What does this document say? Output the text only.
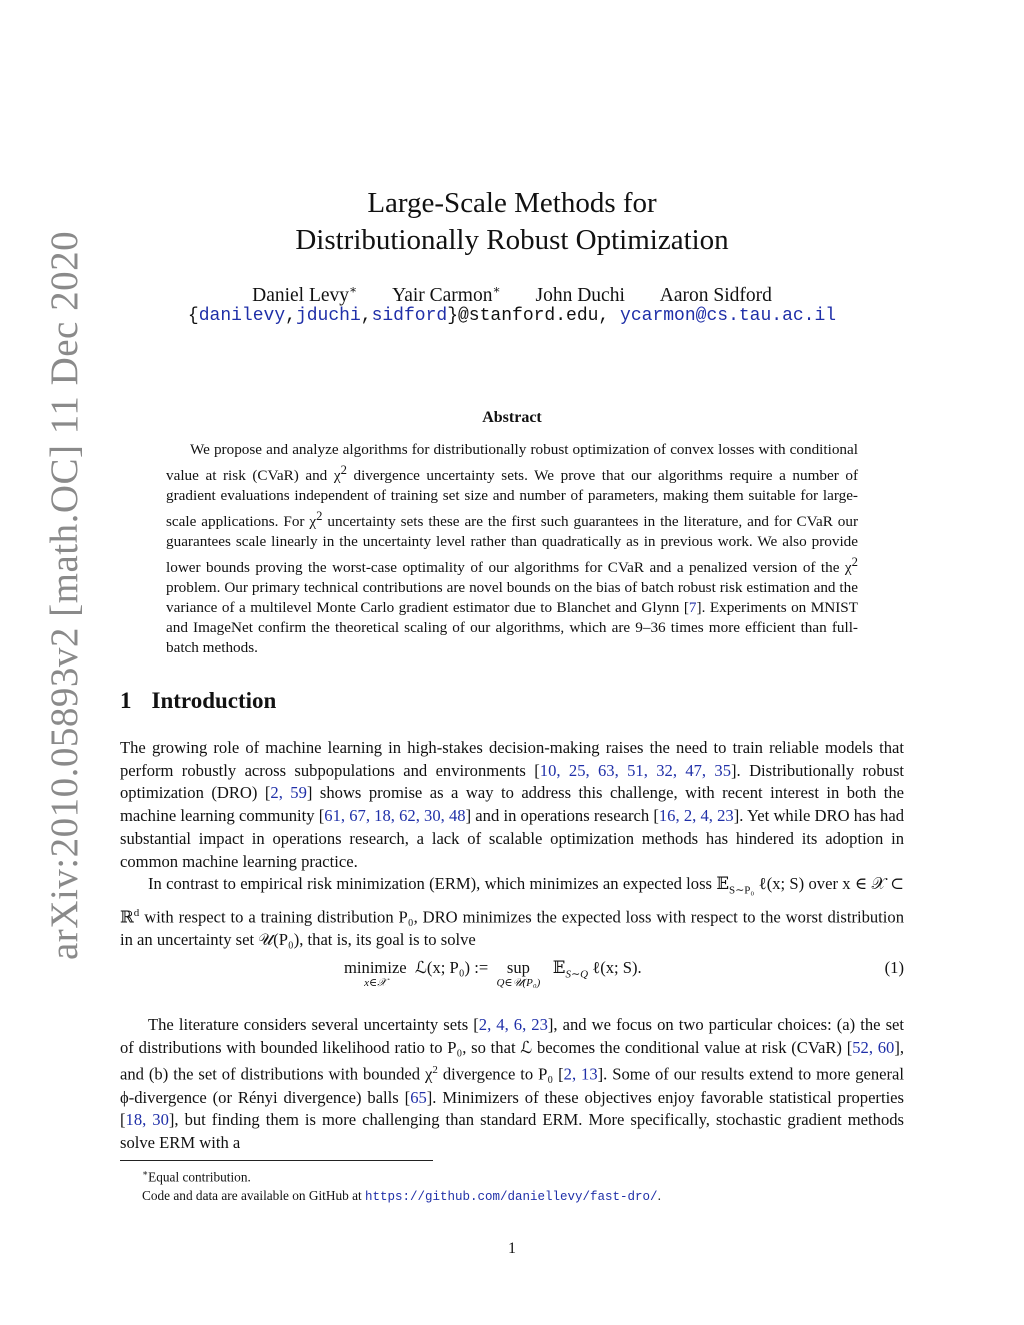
arXiv:2010.05893v2 [math.OC] 11 Dec 2020
Large-Scale Methods for
Distributionally Robust Optimization
Daniel Levy∗ Yair Carmon∗ John Duchi Aaron Sidford
{danilevy,jduchi,sidford}@stanford.edu, ycarmon@cs.tau.ac.il
Abstract

We propose and analyze algorithms for distributionally robust optimization of convex losses with conditional value at risk (CVaR) and $\chi^2$ divergence uncertainty sets. We prove that our algorithms require a number of gradient evaluations independent of training set size and number of parameters, making them suitable for large-scale applications. For $\chi^2$ uncertainty sets these are the first such guarantees in the literature, and for CVaR our guarantees scale linearly in the uncertainty level rather than quadratically as in previous work. We also provide lower bounds proving the worst-case optimality of our algorithms for CVaR and a penalized version of the $\chi^2$ problem. Our primary technical contributions are novel bounds on the bias of batch robust risk estimation and the variance of a multilevel Monte Carlo gradient estimator due to Blanchet and Glynn [7]. Experiments on MNIST and ImageNet confirm the theoretical scaling of our algorithms, which are 9–36 times more efficient than full-batch methods.

1 Introduction

The growing role of machine learning in high-stakes decision-making raises the need to train reliable models that perform robustly across subpopulations and environments [10, 25, 63, 51, 32, 47, 35]. Distributionally robust optimization (DRO) [2, 59] shows promise as a way to address this challenge, with recent interest in both the machine learning community [61, 67, 18, 62, 30, 48] and in operations research [16, 2, 4, 23]. Yet while DRO has had substantial impact in operations research, a lack of scalable optimization methods has hindered its adoption in common machine learning practice.

In contrast to empirical risk minimization (ERM), which minimizes an expected loss 𝔼$_{S\sim P_0}$ ℓ(x; S) over x ∈ 𝒳 ⊂ ℝ$^d$ with respect to a training distribution P₀, DRO minimizes the expected loss with respect to the worst distribution in an uncertainty set 𝒰(P₀), that is, its goal is to solve

minimize
x∈𝒳
ℒ(x; P₀) := sup
Q∈𝒰(P₀)
𝔼$_{S\sim Q}$ ℓ(x; S).	(1)

The literature considers several uncertainty sets [2, 4, 6, 23], and we focus on two particular choices: (a) the set of distributions with bounded likelihood ratio to P₀, so that ℒ becomes the conditional value at risk (CVaR) [52, 60], and (b) the set of distributions with bounded $\chi^2$ divergence to P₀ [2, 13]. Some of our results extend to more general ϕ-divergence (or Rényi divergence) balls [65]. Minimizers of these objectives enjoy favorable statistical properties [18, 30], but finding them is more challenging than standard ERM. More specifically, stochastic gradient methods solve ERM with a

∗Equal contribution.
Code and data are available on GitHub at https://github.com/daniellevy/fast-dro/.
1
